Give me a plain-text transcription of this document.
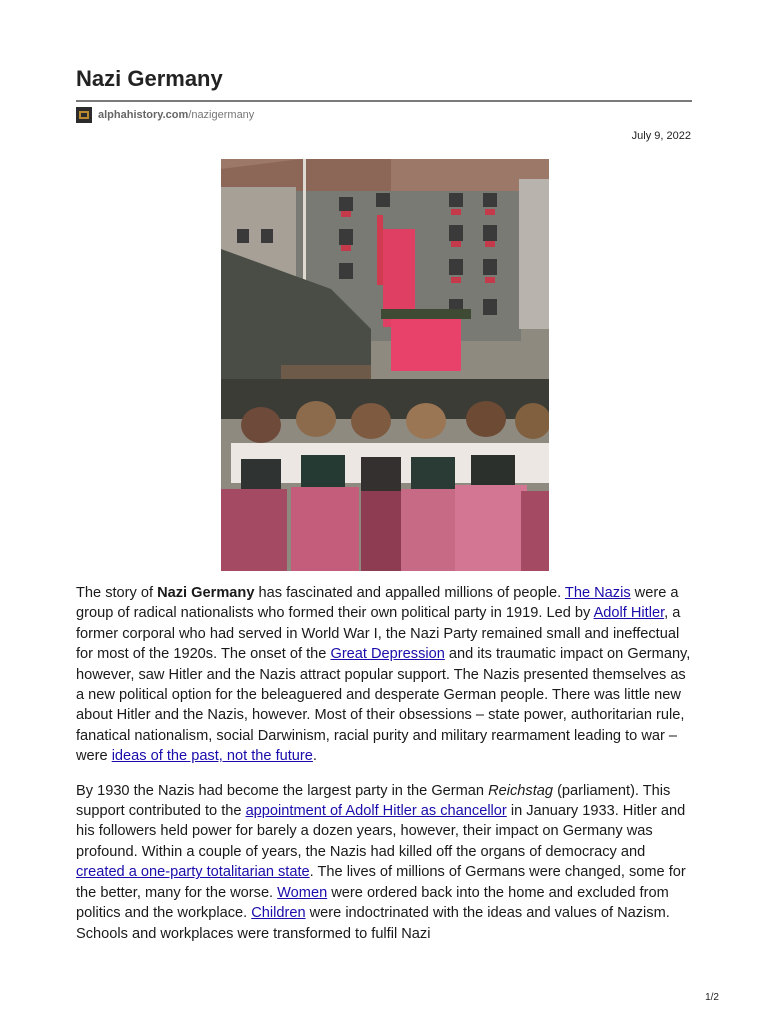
Nazi Germany
alphahistory.com /nazigermany
July 9, 2022

The story of Nazi Germany has fascinated and appalled millions of people. The Nazis were a group of radical nationalists who formed their own political party in 1919. Led by Adolf Hitler, a former corporal who had served in World War I, the Nazi Party remained small and ineffectual for most of the 1920s. The onset of the Great Depression and its traumatic impact on Germany, however, saw Hitler and the Nazis attract popular support. The Nazis presented themselves as a new political option for the beleaguered and desperate German people. There was little new about Hitler and the Nazis, however. Most of their obsessions – state power, authoritarian rule, fanatical nationalism, social Darwinism, racial purity and military rearmament leading to war – were ideas of the past, not the future.

By 1930 the Nazis had become the largest party in the German Reichstag (parliament). This support contributed to the appointment of Adolf Hitler as chancellor in January 1933. Hitler and his followers held power for barely a dozen years, however, their impact on Germany was profound. Within a couple of years, the Nazis had killed off the organs of democracy and created a one-party totalitarian state. The lives of millions of Germans were changed, some for the better, many for the worse. Women were ordered back into the home and excluded from politics and the workplace. Children were indoctrinated with the ideas and values of Nazism. Schools and workplaces were transformed to fulfil Nazi

1/2
